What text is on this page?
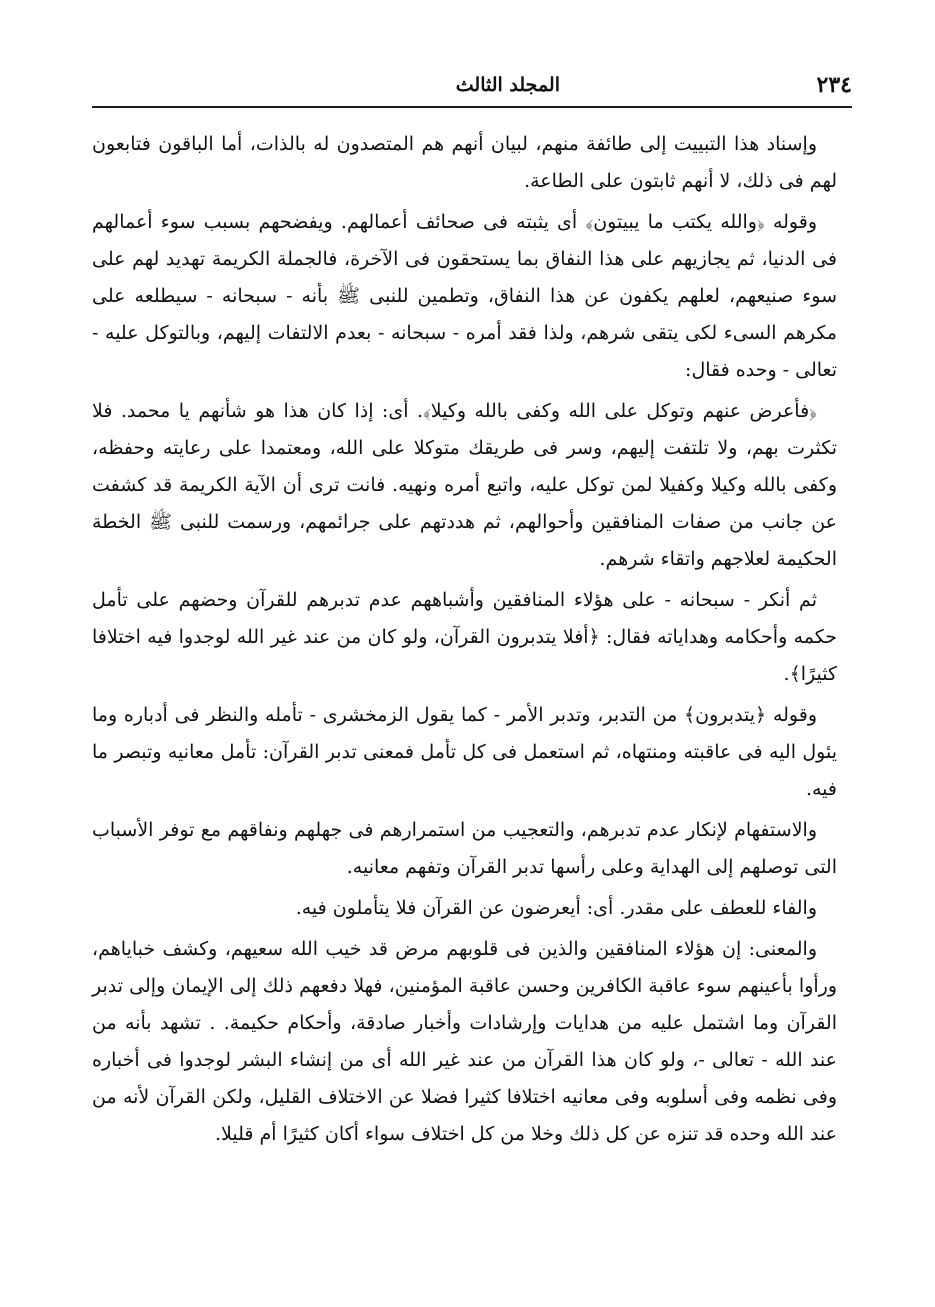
٢٣٤
المجلد الثالث

وإسناد هذا التبييت إلى طائفة منهم، لبيان أنهم هم المتصدون له بالذات، أما الباقون فتابعون لهم فى ذلك، لا أنهم ثابتون على الطاعة.

وقوله ﴿والله يكتب ما يبيتون﴾ أى يثبته فى صحائف أعمالهم. ويفضحهم بسبب سوء أعمالهم فى الدنيا، ثم يجازيهم على هذا النفاق بما يستحقون فى الآخرة، فالجملة الكريمة تهديد لهم على سوء صنيعهم، لعلهم يكفون عن هذا النفاق، وتطمين للنبى ﷺ بأنه - سبحانه - سيطلعه على مكرهم السىء لكى يتقى شرهم، ولذا فقد أمره - سبحانه - بعدم الالتفات إليهم، وبالتوكل عليه - تعالى - وحده فقال:

﴿فأعرض عنهم وتوكل على الله وكفى بالله وكيلا﴾. أى: إذا كان هذا هو شأنهم يا محمد. فلا تكثرت بهم، ولا تلتفت إليهم، وسر فى طريقك متوكلا على الله، ومعتمدا على رعايته وحفظه، وكفى بالله وكيلا وكفيلا لمن توكل عليه، واتبع أمره ونهيه. فانت ترى أن الآية الكريمة قد كشفت عن جانب من صفات المنافقين وأحوالهم، ثم هددتهم على جرائمهم، ورسمت للنبى ﷺ الخطة الحكيمة لعلاجهم واتقاء شرهم.

ثم أنكر - سبحانه - على هؤلاء المنافقين وأشباههم عدم تدبرهم للقرآن وحضهم على تأمل حكمه وأحكامه وهداياته فقال: ﴿أفلا يتدبرون القرآن، ولو كان من عند غير الله لوجدوا فيه اختلافا كثيرًا﴾.

وقوله ﴿يتدبرون﴾ من التدبر، وتدبر الأمر - كما يقول الزمخشرى - تأمله والنظر فى أدباره وما يئول اليه فى عاقبته ومنتهاه، ثم استعمل فى كل تأمل فمعنى تدبر القرآن: تأمل معانيه وتبصر ما فيه.

والاستفهام لإنكار عدم تدبرهم، والتعجيب من استمرارهم فى جهلهم ونفاقهم مع توفر الأسباب التى توصلهم إلى الهداية وعلى رأسها تدبر القرآن وتفهم معانيه.

والفاء للعطف على مقدر. أى: أيعرضون عن القرآن فلا يتأملون فيه.

والمعنى: إن هؤلاء المنافقين والذين فى قلوبهم مرض قد خيب الله سعيهم، وكشف خباياهم، ورأوا بأعينهم سوء عاقبة الكافرين وحسن عاقبة المؤمنين، فهلا دفعهم ذلك إلى الإيمان وإلى تدبر القرآن وما اشتمل عليه من هدايات وإرشادات وأخبار صادقة، وأحكام حكيمة. . تشهد بأنه من عند الله - تعالى -، ولو كان هذا القرآن من عند غير الله أى من إنشاء البشر لوجدوا فى أخباره وفى نظمه وفى أسلوبه وفى معانيه اختلافا كثيرا فضلا عن الاختلاف القليل، ولكن القرآن لأنه من عند الله وحده قد تنزه عن كل ذلك وخلا من كل اختلاف سواء أكان كثيرًا أم قليلا.
